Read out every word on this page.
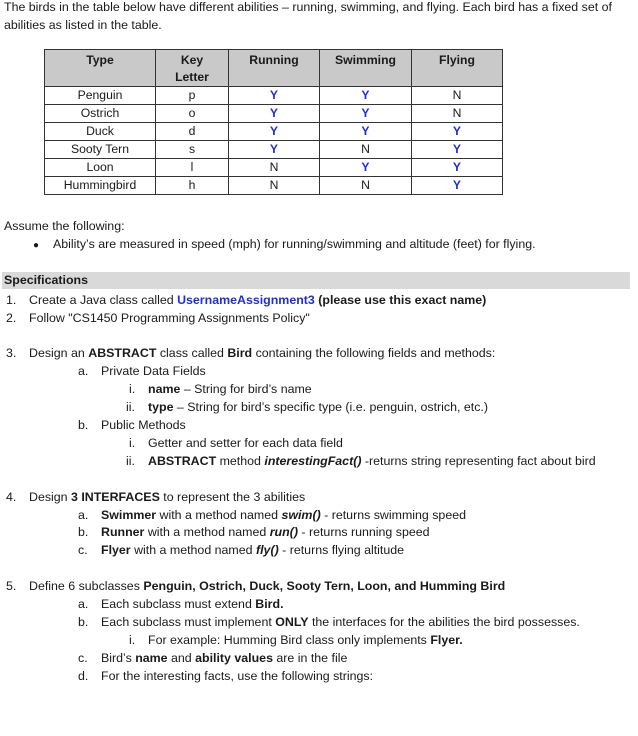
The birds in the table below have different abilities – running, swimming, and flying. Each bird has a fixed set of abilities as listed in the table.
Type	Key Letter	Running	Swimming	Flying
Penguin	p	Y	Y	N
Ostrich	o	Y	Y	N
Duck	d	Y	Y	Y
Sooty Tern	s	Y	N	Y
Loon	l	N	Y	Y
Hummingbird	h	N	N	Y
Assume the following:
● Ability’s are measured in speed (mph) for running/swimming and altitude (feet) for flying.
Specifications
1. Create a Java class called UsernameAssignment3 (please use this exact name)
2. Follow "CS1450 Programming Assignments Policy"
3. Design an ABSTRACT class called Bird containing the following fields and methods:
a. Private Data Fields
i. name – String for bird’s name
ii. type – String for bird’s specific type (i.e. penguin, ostrich, etc.)
b. Public Methods
i. Getter and setter for each data field
ii. ABSTRACT method interestingFact() -returns string representing fact about bird
4. Design 3 INTERFACES to represent the 3 abilities
a. Swimmer with a method named swim() - returns swimming speed
b. Runner with a method named run() - returns running speed
c. Flyer with a method named fly() - returns flying altitude
5. Define 6 subclasses Penguin, Ostrich, Duck, Sooty Tern, Loon, and Humming Bird
a. Each subclass must extend Bird.
b. Each subclass must implement ONLY the interfaces for the abilities the bird possesses.
i. For example: Humming Bird class only implements Flyer.
c. Bird’s name and ability values are in the file
d. For the interesting facts, use the following strings:
